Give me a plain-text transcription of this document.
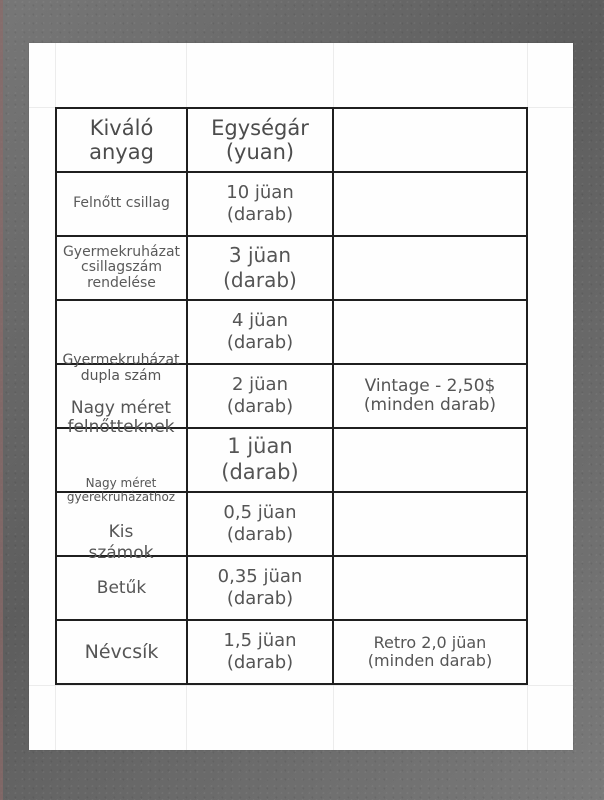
Kiváló
anyag
Egységár
(yuan)
Felnőtt csillag
10 jüan
(darab)
Gyermekruházat
csillagszám
rendelése
3 jüan
(darab)
4 jüan
(darab)
2 jüan
(darab)
Vintage - 2,50$
(minden darab)
1 jüan
(darab)
0,5 jüan
(darab)
Betűk
0,35 jüan
(darab)
Névcsík
1,5 jüan
(darab)
Retro 2,0 jüan
(minden darab)
Gyermekruházat
dupla szám
Nagy méret
felnőtteknek
Nagy méret
gyerekruházathoz
Kis
számok
